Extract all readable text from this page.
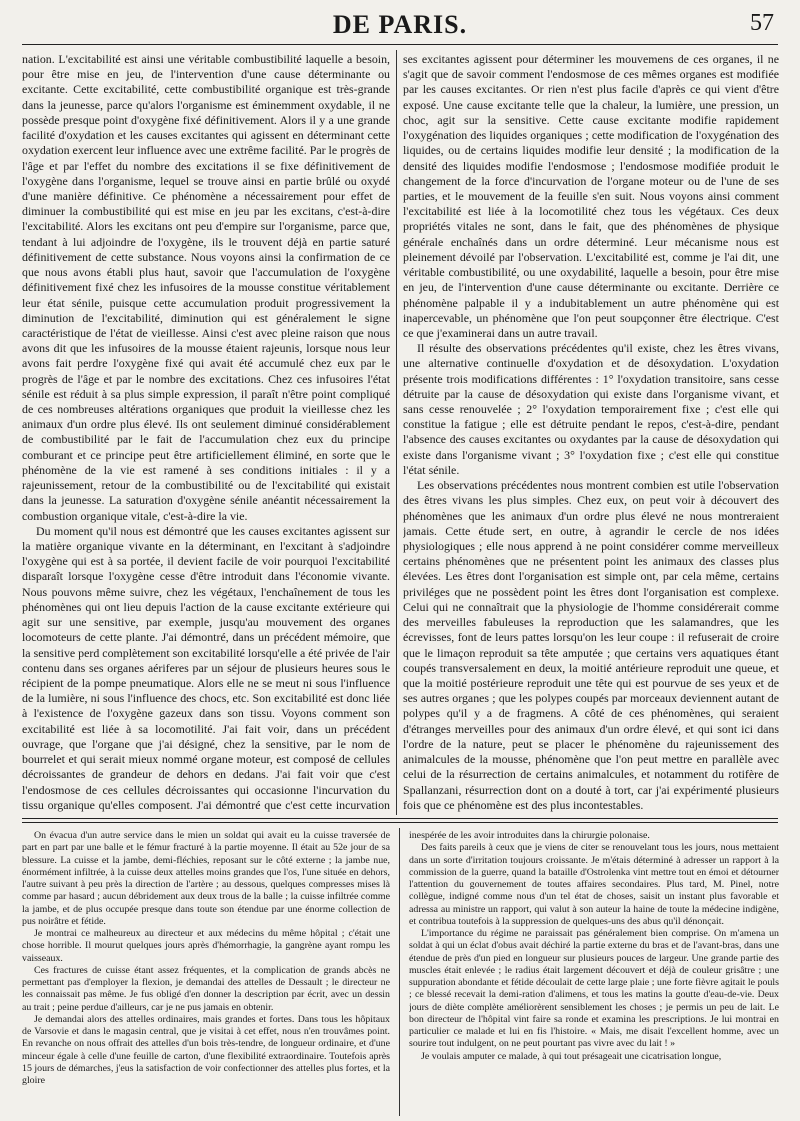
DE PARIS.	57

nation. L'excitabilité est ainsi une véritable combustibilité laquelle a besoin, pour être mise en jeu, de l'intervention d'une cause déterminante ou excitante. Cette excitabilité, cette combustibilité organique est très-grande dans la jeunesse, parce qu'alors l'organisme est éminemment oxydable, il ne possède presque point d'oxygène fixé définitivement. Alors il y a une grande facilité d'oxydation et les causes excitantes qui agissent en déterminant cette oxydation exercent leur influence avec une extrême facilité. Par le progrès de l'âge et par l'effet du nombre des excitations il se fixe définitivement de l'oxygène dans l'organisme, lequel se trouve ainsi en partie brûlé ou oxydé d'une manière définitive. Ce phénomène a nécessairement pour effet de diminuer la combustibilité qui est mise en jeu par les excitans, c'est-à-dire l'excitabilité. Alors les excitans ont peu d'empire sur l'organisme, parce que, tendant à lui adjoindre de l'oxygène, ils le trouvent déjà en partie saturé définitivement de cette substance. Nous voyons ainsi la confirmation de ce que nous avons établi plus haut, savoir que l'accumulation de l'oxygène définitivement fixé chez les infusoires de la mousse constitue véritablement leur état sénile, puisque cette accumulation produit progressivement la diminution de l'excitabilité, diminution qui est généralement le signe caractéristique de l'état de vieillesse. Ainsi c'est avec pleine raison que nous avons dit que les infusoires de la mousse étaient rajeunis, lorsque nous leur avons fait perdre l'oxygène fixé qui avait été accumulé chez eux par le progrès de l'âge et par le nombre des excitations. Chez ces infusoires l'état sénile est réduit à sa plus simple expression, il paraît n'être point compliqué de ces nombreuses altérations organiques que produit la vieillesse chez les animaux d'un ordre plus élevé. Ils ont seulement diminué considérablement de combustibilité par le fait de l'accumulation chez eux du principe comburant et ce principe peut être artificiellement éliminé, en sorte que le phénomène de la vie est ramené à ses conditions initiales : il y a rajeunissement, retour de la combustibilité ou de l'excitabilité qui existait dans la jeunesse. La saturation d'oxygène sénile anéantit nécessairement la combustion organique vitale, c'est-à-dire la vie.

Du moment qu'il nous est démontré que les causes excitantes agissent sur la matière organique vivante en la déterminant, en l'excitant à s'adjoindre l'oxygène qui est à sa portée, il devient facile de voir pourquoi l'excitabilité disparaît lorsque l'oxygène cesse d'être introduit dans l'économie vivante. Nous pouvons même suivre, chez les végétaux, l'enchaînement de tous les phénomènes qui ont lieu depuis l'action de la cause excitante extérieure qui agit sur une sensitive, par exemple, jusqu'au mouvement des organes locomoteurs de cette plante. J'ai démontré, dans un précédent mémoire, que la sensitive perd complètement son excitabilité lorsqu'elle a été privée de l'air contenu dans ses organes aériferes par un séjour de plusieurs heures sous le récipient de la pompe pneumatique. Alors elle ne se meut ni sous l'influence de la lumière, ni sous l'influence des chocs, etc. Son excitabilité est donc liée à l'existence de l'oxygène gazeux dans son tissu. Voyons comment son excitabilité est liée à sa locomotilité. J'ai fait voir, dans un précédent ouvrage, que l'organe que j'ai désigné, chez la sensitive, par le nom de bourrelet et qui serait mieux nommé organe moteur, est composé de cellules décroissantes de grandeur de dehors en dedans. J'ai fait voir que c'est l'endosmose de ces cellules décroissantes qui occasionne l'incurvation du tissu organique qu'elles composent. J'ai démontré que c'est cette incurvation

ses excitantes agissent pour déterminer les mouvemens de ces organes, il ne s'agit que de savoir comment l'endosmose de ces mêmes organes est modifiée par les causes excitantes. Or rien n'est plus facile d'après ce qui vient d'être exposé. Une cause excitante telle que la chaleur, la lumière, une pression, un choc, agit sur la sensitive. Cette cause excitante modifie rapidement l'oxygénation des liquides organiques ; cette modification de l'oxygénation des liquides, ou de certains liquides modifie leur densité ; la modification de la densité des liquides modifie l'endosmose ; l'endosmose modifiée produit le changement de la force d'incurvation de l'organe moteur ou de l'une de ses parties, et le mouvement de la feuille s'en suit. Nous voyons ainsi comment l'excitabilité est liée à la locomotilité chez tous les végétaux. Ces deux propriétés vitales ne sont, dans le fait, que des phénomènes de physique générale enchaînés dans un ordre déterminé. Leur mécanisme nous est pleinement dévoilé par l'observation. L'excitabilité est, comme je l'ai dit, une véritable combustibilité, ou une oxydabilité, laquelle a besoin, pour être mise en jeu, de l'intervention d'une cause déterminante ou excitante. Derrière ce phénomène palpable il y a indubitablement un autre phénomène qui est inapercevable, un phénomène que l'on peut soupçonner être électrique. C'est ce que j'examinerai dans un autre travail.

Il résulte des observations précédentes qu'il existe, chez les êtres vivans, une alternative continuelle d'oxydation et de désoxydation. L'oxydation présente trois modifications différentes : 1° l'oxydation transitoire, sans cesse détruite par la cause de désoxydation qui existe dans l'organisme vivant, et sans cesse renouvelée ; 2° l'oxydation temporairement fixe ; c'est elle qui constitue la fatigue ; elle est détruite pendant le repos, c'est-à-dire, pendant l'absence des causes excitantes ou oxydantes par la cause de désoxydation qui existe dans l'organisme vivant ; 3° l'oxydation fixe ; c'est elle qui constitue l'état sénile.

Les observations précédentes nous montrent combien est utile l'observation des êtres vivans les plus simples. Chez eux, on peut voir à découvert des phénomènes que les animaux d'un ordre plus élevé ne nous montreraient jamais. Cette étude sert, en outre, à agrandir le cercle de nos idées physiologiques ; elle nous apprend à ne point considérer comme merveilleux certains phénomènes que ne présentent point les animaux des classes plus élevées. Les êtres dont l'organisation est simple ont, par cela même, certains priviléges que ne possèdent point les êtres dont l'organisation est complexe. Celui qui ne connaîtrait que la physiologie de l'homme considérerait comme des merveilles fabuleuses la reproduction que les salamandres, que les écrevisses, font de leurs pattes lorsqu'on les leur coupe : il refuserait de croire que le limaçon reproduit sa tête amputée ; que certains vers aquatiques étant coupés transversalement en deux, la moitié antérieure reproduit une queue, et que la moitié postérieure reproduit une tête qui est pourvue de ses yeux et de ses autres organes ; que les polypes coupés par morceaux deviennent autant de polypes qu'il y a de fragmens. A côté de ces phénomènes, qui seraient d'étranges merveilles pour des animaux d'un ordre élevé, et qui sont ici dans l'ordre de la nature, peut se placer le phénomène du rajeunissement des animalcules de la mousse, phénomène que l'on peut mettre en parallèle avec celui de la résurrection de certains animalcules, et notamment du rotifère de Spallanzani, résurrection dont on a douté à tort, car j'ai expérimenté plusieurs fois que ce phénomène est des plus incontestables.

On évacua d'un autre service dans le mien un soldat qui avait eu la cuisse traversée de part en part par une balle et le fémur fracturé à la partie moyenne. Il était au 52e jour de sa blessure. La cuisse et la jambe, demi-fléchies, reposant sur le côté externe ; la jambe nue, énormément infiltrée, à la cuisse deux attelles moins grandes que l'os, l'une située en dehors, l'autre suivant à peu près la direction de l'artère ; au dessous, quelques compresses mises là comme par hasard ; aucun débridement aux deux trous de la balle ; la cuisse infiltrée comme la jambe, et de plus occupée presque dans toute son étendue par une énorme collection de pus noirâtre et fétide.

Je montrai ce malheureux au directeur et aux médecins du même hôpital ; c'était une chose horrible. Il mourut quelques jours après d'hémorrhagie, la gangrène ayant rompu les vaisseaux.

Ces fractures de cuisse étant assez fréquentes, et la complication de grands abcès ne permettant pas d'employer la flexion, je demandai des attelles de Dessault ; le directeur ne les connaissait pas même. Je fus obligé d'en donner la description par écrit, avec un dessin au trait ; peine perdue d'ailleurs, car je ne pus jamais en obtenir.

Je demandai alors des attelles ordinaires, mais grandes et fortes. Dans tous les hôpitaux de Varsovie et dans le magasin central, que je visitai à cet effet, nous n'en trouvâmes point. En revanche on nous offrait des attelles d'un bois très-tendre, de longueur ordinaire, et d'une minceur égale à celle d'une feuille de carton, d'une flexibilité extraordinaire. Toutefois après 15 jours de démarches, j'eus la satisfaction de voir confectionner des attelles plus fortes, et la gloire

inespérée de les avoir introduites dans la chirurgie polonaise.

Des faits pareils à ceux que je viens de citer se renouvelant tous les jours, nous mettaient dans un sorte d'irritation toujours croissante. Je m'étais déterminé à adresser un rapport à la commission de la guerre, quand la bataille d'Ostrolenka vint mettre tout en émoi et détourner l'attention du gouvernement de toutes affaires secondaires. Plus tard, M. Pinel, notre collègue, indigné comme nous d'un tel état de choses, saisit un instant plus favorable et adressa au ministre un rapport, qui valut à son auteur la haine de toute la médecine indigène, et contribua toutefois à la suppression de quelques-uns des abus qu'il dénonçait.

L'importance du régime ne paraissait pas généralement bien comprise. On m'amena un soldat à qui un éclat d'obus avait déchiré la partie externe du bras et de l'avant-bras, dans une étendue de près d'un pied en longueur sur plusieurs pouces de largeur. Une grande partie des muscles était enlevée ; le radius était largement découvert et déjà de couleur grisâtre ; une suppuration abondante et fétide découlait de cette large plaie ; une forte fièvre agitait le pouls ; ce blessé recevait la demi-ration d'alimens, et tous les matins la goutte d'eau-de-vie. Deux jours de diète complète améliorèrent sensiblement les choses ; je permis un peu de lait. Le bon directeur de l'hôpital vint faire sa ronde et examina les prescriptions. Je lui montrai en particulier ce malade et lui en fis l'histoire. « Mais, me disait l'excellent homme, avec un sourire tout indulgent, on ne peut pourtant pas vivre avec du lait ! »

Je voulais amputer ce malade, à qui tout présageait une cicatrisation longue,
